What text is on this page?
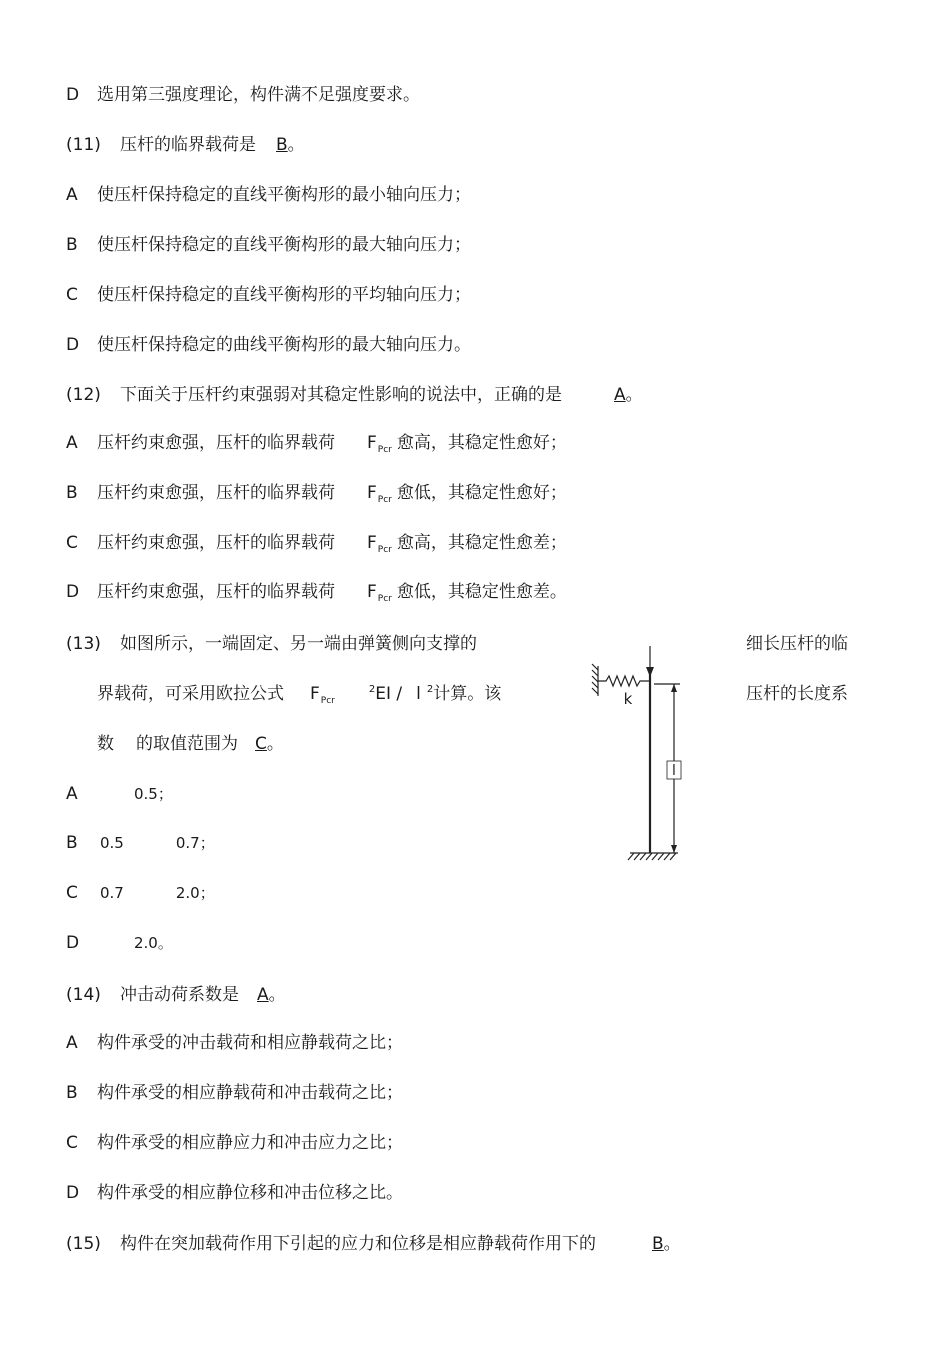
D 选用第三强度理论，构件满不足强度要求。
(11) 压杆的临界载荷是 B。
A 使压杆保持稳定的直线平衡构形的最小轴向压力；
B 使压杆保持稳定的直线平衡构形的最大轴向压力；
C 使压杆保持稳定的直线平衡构形的平均轴向压力；
D 使压杆保持稳定的曲线平衡构形的最大轴向压力。
(12) 下面关于压杆约束强弱对其稳定性影响的说法中，正确的是	A。
A 压杆约束愈强，压杆的临界载荷 $F_{Pcr}$ 愈高，其稳定性愈好；
B 压杆约束愈强，压杆的临界载荷 $F_{Pcr}$ 愈低，其稳定性愈好；
C 压杆约束愈强，压杆的临界载荷 $F_{Pcr}$ 愈高，其稳定性愈差；
D 压杆约束愈强，压杆的临界载荷 $F_{Pcr}$ 愈低，其稳定性愈差。
(13) 如图所示，一端固定、另一端由弹簧侧向支撑的	细长压杆的临
界载荷，可采用欧拉公式 $F_{Pcr}^2EI$ / l $^2$计算。该	压杆的长度系
数 的取值范围为 C。
A	0.5；
B 0.5	0.7；
C 0.7	2.0；
D	2.0。
l
k
(14) 冲击动荷系数是 A。
A 构件承受的冲击载荷和相应静载荷之比；
B 构件承受的相应静载荷和冲击载荷之比；
C 构件承受的相应静应力和冲击应力之比；
D 构件承受的相应静位移和冲击位移之比。
(15) 构件在突加载荷作用下引起的应力和位移是相应静载荷作用下的	B。
